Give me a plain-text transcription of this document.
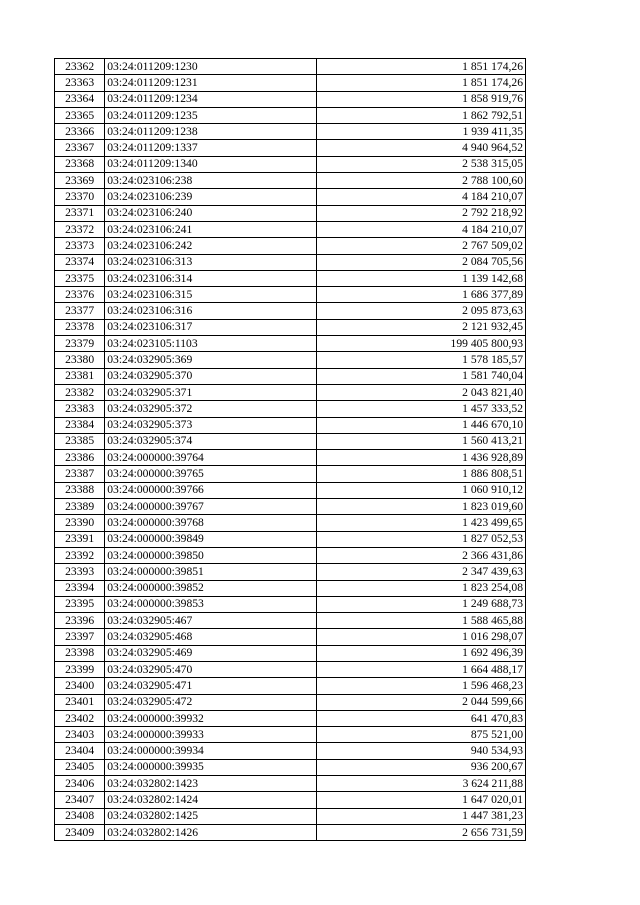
23362	03:24:011209:1230	1 851 174,26
23363	03:24:011209:1231	1 851 174,26
23364	03:24:011209:1234	1 858 919,76
23365	03:24:011209:1235	1 862 792,51
23366	03:24:011209:1238	1 939 411,35
23367	03:24:011209:1337	4 940 964,52
23368	03:24:011209:1340	2 538 315,05
23369	03:24:023106:238	2 788 100,60
23370	03:24:023106:239	4 184 210,07
23371	03:24:023106:240	2 792 218,92
23372	03:24:023106:241	4 184 210,07
23373	03:24:023106:242	2 767 509,02
23374	03:24:023106:313	2 084 705,56
23375	03:24:023106:314	1 139 142,68
23376	03:24:023106:315	1 686 377,89
23377	03:24:023106:316	2 095 873,63
23378	03:24:023106:317	2 121 932,45
23379	03:24:023105:1103	199 405 800,93
23380	03:24:032905:369	1 578 185,57
23381	03:24:032905:370	1 581 740,04
23382	03:24:032905:371	2 043 821,40
23383	03:24:032905:372	1 457 333,52
23384	03:24:032905:373	1 446 670,10
23385	03:24:032905:374	1 560 413,21
23386	03:24:000000:39764	1 436 928,89
23387	03:24:000000:39765	1 886 808,51
23388	03:24:000000:39766	1 060 910,12
23389	03:24:000000:39767	1 823 019,60
23390	03:24:000000:39768	1 423 499,65
23391	03:24:000000:39849	1 827 052,53
23392	03:24:000000:39850	2 366 431,86
23393	03:24:000000:39851	2 347 439,63
23394	03:24:000000:39852	1 823 254,08
23395	03:24:000000:39853	1 249 688,73
23396	03:24:032905:467	1 588 465,88
23397	03:24:032905:468	1 016 298,07
23398	03:24:032905:469	1 692 496,39
23399	03:24:032905:470	1 664 488,17
23400	03:24:032905:471	1 596 468,23
23401	03:24:032905:472	2 044 599,66
23402	03:24:000000:39932	641 470,83
23403	03:24:000000:39933	875 521,00
23404	03:24:000000:39934	940 534,93
23405	03:24:000000:39935	936 200,67
23406	03:24:032802:1423	3 624 211,88
23407	03:24:032802:1424	1 647 020,01
23408	03:24:032802:1425	1 447 381,23
23409	03:24:032802:1426	2 656 731,59
